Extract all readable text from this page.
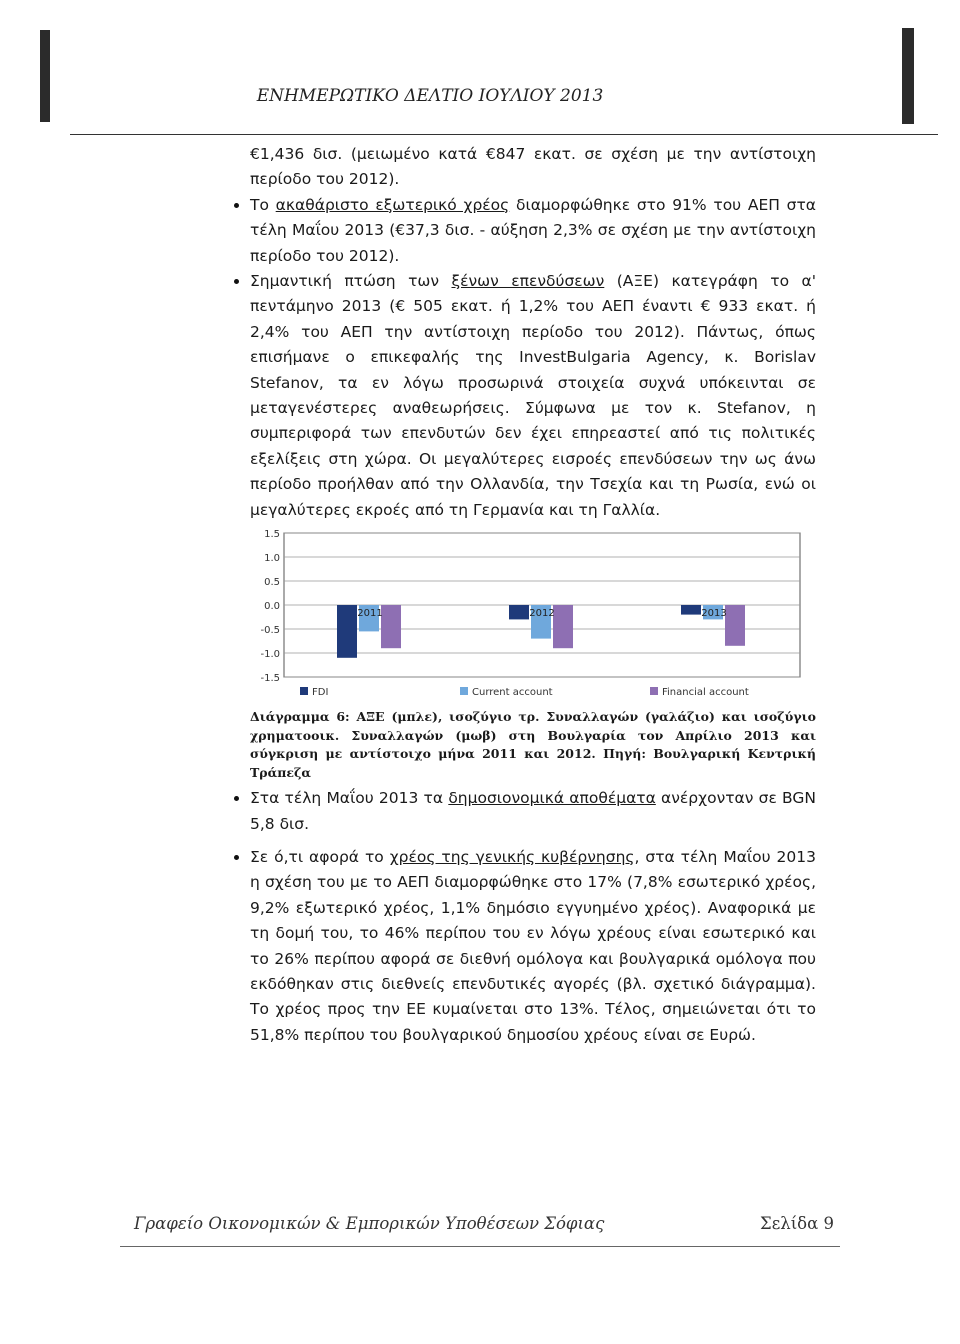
ΕΝΗΜΕΡΩΤΙΚΟ ΔΕΛΤΙΟ ΙΟΥΛΙΟΥ 2013

€1,436 δισ. (μειωμένο κατά €847 εκατ. σε σχέση με την αντίστοιχη περίοδο του 2012).

Το ακαθάριστο εξωτερικό χρέος διαμορφώθηκε στο 91% του ΑΕΠ στα τέλη Μαΐου 2013 (€37,3 δισ. - αύξηση 2,3% σε σχέση με την αντίστοιχη περίοδο του 2012).

Σημαντική πτώση των ξένων επενδύσεων (ΑΞΕ) κατεγράφη το α' πεντάμηνο 2013 (€ 505 εκατ. ή 1,2% του ΑΕΠ έναντι € 933 εκατ. ή 2,4% του ΑΕΠ την αντίστοιχη περίοδο του 2012). Πάντως, όπως επισήμανε ο επικεφαλής της InvestBulgaria Agency, κ. Borislav Stefanov, τα εν λόγω προσωρινά στοιχεία συχνά υπόκεινται σε μεταγενέστερες αναθεωρήσεις. Σύμφωνα με τον κ. Stefanov, η συμπεριφορά των επενδυτών δεν έχει επηρεαστεί από τις πολιτικές εξελίξεις στη χώρα. Οι μεγαλύτερες εισροές επενδύσεων την ως άνω περίοδο προήλθαν από την Ολλανδία, την Τσεχία και τη Ρωσία, ενώ οι μεγαλύτερες εκροές από τη Γερμανία και τη Γαλλία.

1.5
1.0
0.5
0.0
-0.5
-1.0
-1.5
2011	2012	2013
FDI	Current account	Financial account

Διάγραμμα 6: ΑΞΕ (μπλε), ισοζύγιο τρ. Συναλλαγών (γαλάζιο) και ισοζύγιο χρηματοοικ. Συναλλαγών (μωβ) στη Βουλγαρία τον Απρίλιο 2013 και σύγκριση με αντίστοιχο μήνα 2011 και 2012. Πηγή: Βουλγαρική Κεντρική Τράπεζα

Στα τέλη Μαΐου 2013 τα δημοσιονομικά αποθέματα ανέρχονταν σε BGN 5,8 δισ.

Σε ό,τι αφορά το χρέος της γενικής κυβέρνησης, στα τέλη Μαΐου 2013 η σχέση του με το ΑΕΠ διαμορφώθηκε στο 17% (7,8% εσωτερικό χρέος, 9,2% εξωτερικό χρέος, 1,1% δημόσιο εγγυημένο χρέος). Αναφορικά με τη δομή του, το 46% περίπου του εν λόγω χρέους είναι εσωτερικό και το 26% περίπου αφορά σε διεθνή ομόλογα και βουλγαρικά ομόλογα που εκδόθηκαν στις διεθνείς επενδυτικές αγορές (βλ. σχετικό διάγραμμα). Το χρέος προς την ΕΕ κυμαίνεται στο 13%. Τέλος, σημειώνεται ότι το 51,8% περίπου του βουλγαρικού δημοσίου χρέους είναι σε Ευρώ.

Γραφείο Οικονομικών & Εμπορικών Υποθέσεων Σόφιας	Σελίδα 9
